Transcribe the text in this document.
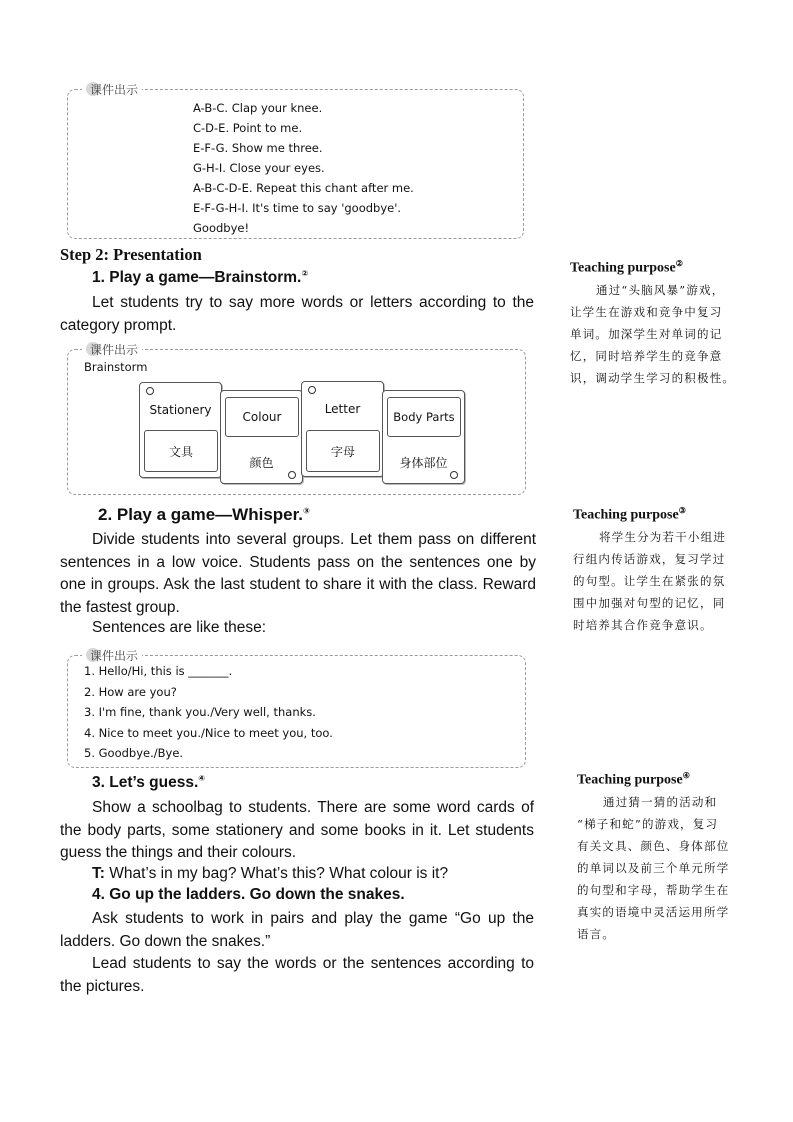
课件出示
A-B-C. Clap your knee.
C-D-E. Point to me.
E-F-G. Show me three.
G-H-I. Close your eyes.
A-B-C-D-E. Repeat this chant after me.
E-F-G-H-I. It's time to say 'goodbye'.
Goodbye!
Step 2: Presentation
1. Play a game—Brainstorm.②
Let students try to say more words or letters according to the category prompt.
课件出示
Brainstorm
Stationery
文具
Colour
颜色
Letter
字母
Body Parts
身体部位
2. Play a game—Whisper.③
Divide students into several groups. Let them pass on different sentences in a low voice. Students pass on the sentences one by one in groups. Ask the last student to share it with the class. Reward the fastest group.
Sentences are like these:
课件出示
1. Hello/Hi, this is _______.
2. How are you?
3. I'm fine, thank you./Very well, thanks.
4. Nice to meet you./Nice to meet you, too.
5. Goodbye./Bye.
3. Let’s guess.④
Show a schoolbag to students. There are some word cards of the body parts, some stationery and some books in it. Let students guess the things and their colours.
T: What’s in my bag? What’s this? What colour is it?
4. Go up the ladders. Go down the snakes.
Ask students to work in pairs and play the game “Go up the ladders. Go down the snakes.”
Lead students to say the words or the sentences according to the pictures.
Teaching purpose②
通过“头脑风暴”游戏，
让学生在游戏和竞争中复习
单词。加深学生对单词的记
忆，同时培养学生的竞争意
识，调动学生学习的积极性。
Teaching purpose③
将学生分为若干小组进
行组内传话游戏，复习学过
的句型。让学生在紧张的氛
围中加强对句型的记忆，同
时培养其合作竞争意识。
Teaching purpose④
通过猜一猜的活动和
“梯子和蛇”的游戏，复习
有关文具、颜色、身体部位
的单词以及前三个单元所学
的句型和字母，帮助学生在
真实的语境中灵活运用所学
语言。
